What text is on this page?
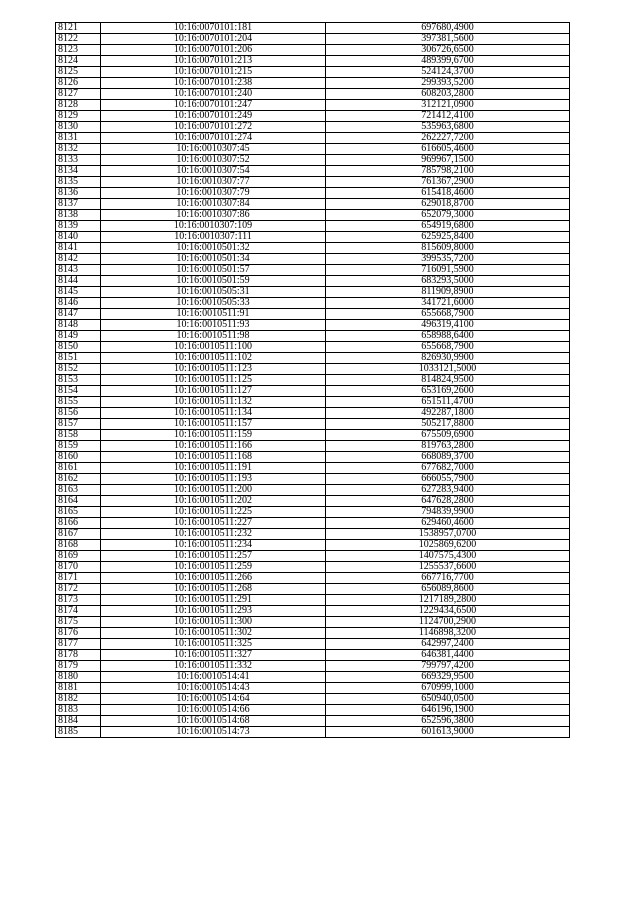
8121	10:16:0070101:181	697680,4900
8122	10:16:0070101:204	397381,5600
8123	10:16:0070101:206	306726,6500
8124	10:16:0070101:213	489399,6700
8125	10:16:0070101:215	524124,3700
8126	10:16:0070101:238	299393,5200
8127	10:16:0070101:240	608203,2800
8128	10:16:0070101:247	312121,0900
8129	10:16:0070101:249	721412,4100
8130	10:16:0070101:272	535963,6800
8131	10:16:0070101:274	262227,7200
8132	10:16:0010307:45	616605,4600
8133	10:16:0010307:52	969967,1500
8134	10:16:0010307:54	785798,2100
8135	10:16:0010307:77	761367,2900
8136	10:16:0010307:79	615418,4600
8137	10:16:0010307:84	629018,8700
8138	10:16:0010307:86	652079,3000
8139	10:16:0010307:109	654919,6800
8140	10:16:0010307:111	625925,8400
8141	10:16:0010501:32	815609,8000
8142	10:16:0010501:34	399535,7200
8143	10:16:0010501:57	716091,5900
8144	10:16:0010501:59	683293,5000
8145	10:16:0010505:31	811909,8900
8146	10:16:0010505:33	341721,6000
8147	10:16:0010511:91	655668,7900
8148	10:16:0010511:93	496319,4100
8149	10:16:0010511:98	658988,6400
8150	10:16:0010511:100	655668,7900
8151	10:16:0010511:102	826930,9900
8152	10:16:0010511:123	1033121,5000
8153	10:16:0010511:125	814824,9500
8154	10:16:0010511:127	653169,2600
8155	10:16:0010511:132	651511,4700
8156	10:16:0010511:134	492287,1800
8157	10:16:0010511:157	505217,8800
8158	10:16:0010511:159	675509,6900
8159	10:16:0010511:166	819763,2800
8160	10:16:0010511:168	668089,3700
8161	10:16:0010511:191	677682,7000
8162	10:16:0010511:193	666055,7900
8163	10:16:0010511:200	627283,9400
8164	10:16:0010511:202	647628,2800
8165	10:16:0010511:225	794839,9900
8166	10:16:0010511:227	629460,4600
8167	10:16:0010511:232	1538957,0700
8168	10:16:0010511:234	1025869,6200
8169	10:16:0010511:257	1407575,4300
8170	10:16:0010511:259	1255537,6600
8171	10:16:0010511:266	667716,7700
8172	10:16:0010511:268	656089,8600
8173	10:16:0010511:291	1217189,2800
8174	10:16:0010511:293	1229434,6500
8175	10:16:0010511:300	1124700,2900
8176	10:16:0010511:302	1146898,3200
8177	10:16:0010511:325	642997,2400
8178	10:16:0010511:327	646381,4400
8179	10:16:0010511:332	799797,4200
8180	10:16:0010514:41	669329,9500
8181	10:16:0010514:43	670999,1000
8182	10:16:0010514:64	650940,0500
8183	10:16:0010514:66	646196,1900
8184	10:16:0010514:68	652596,3800
8185	10:16:0010514:73	601613,9000
